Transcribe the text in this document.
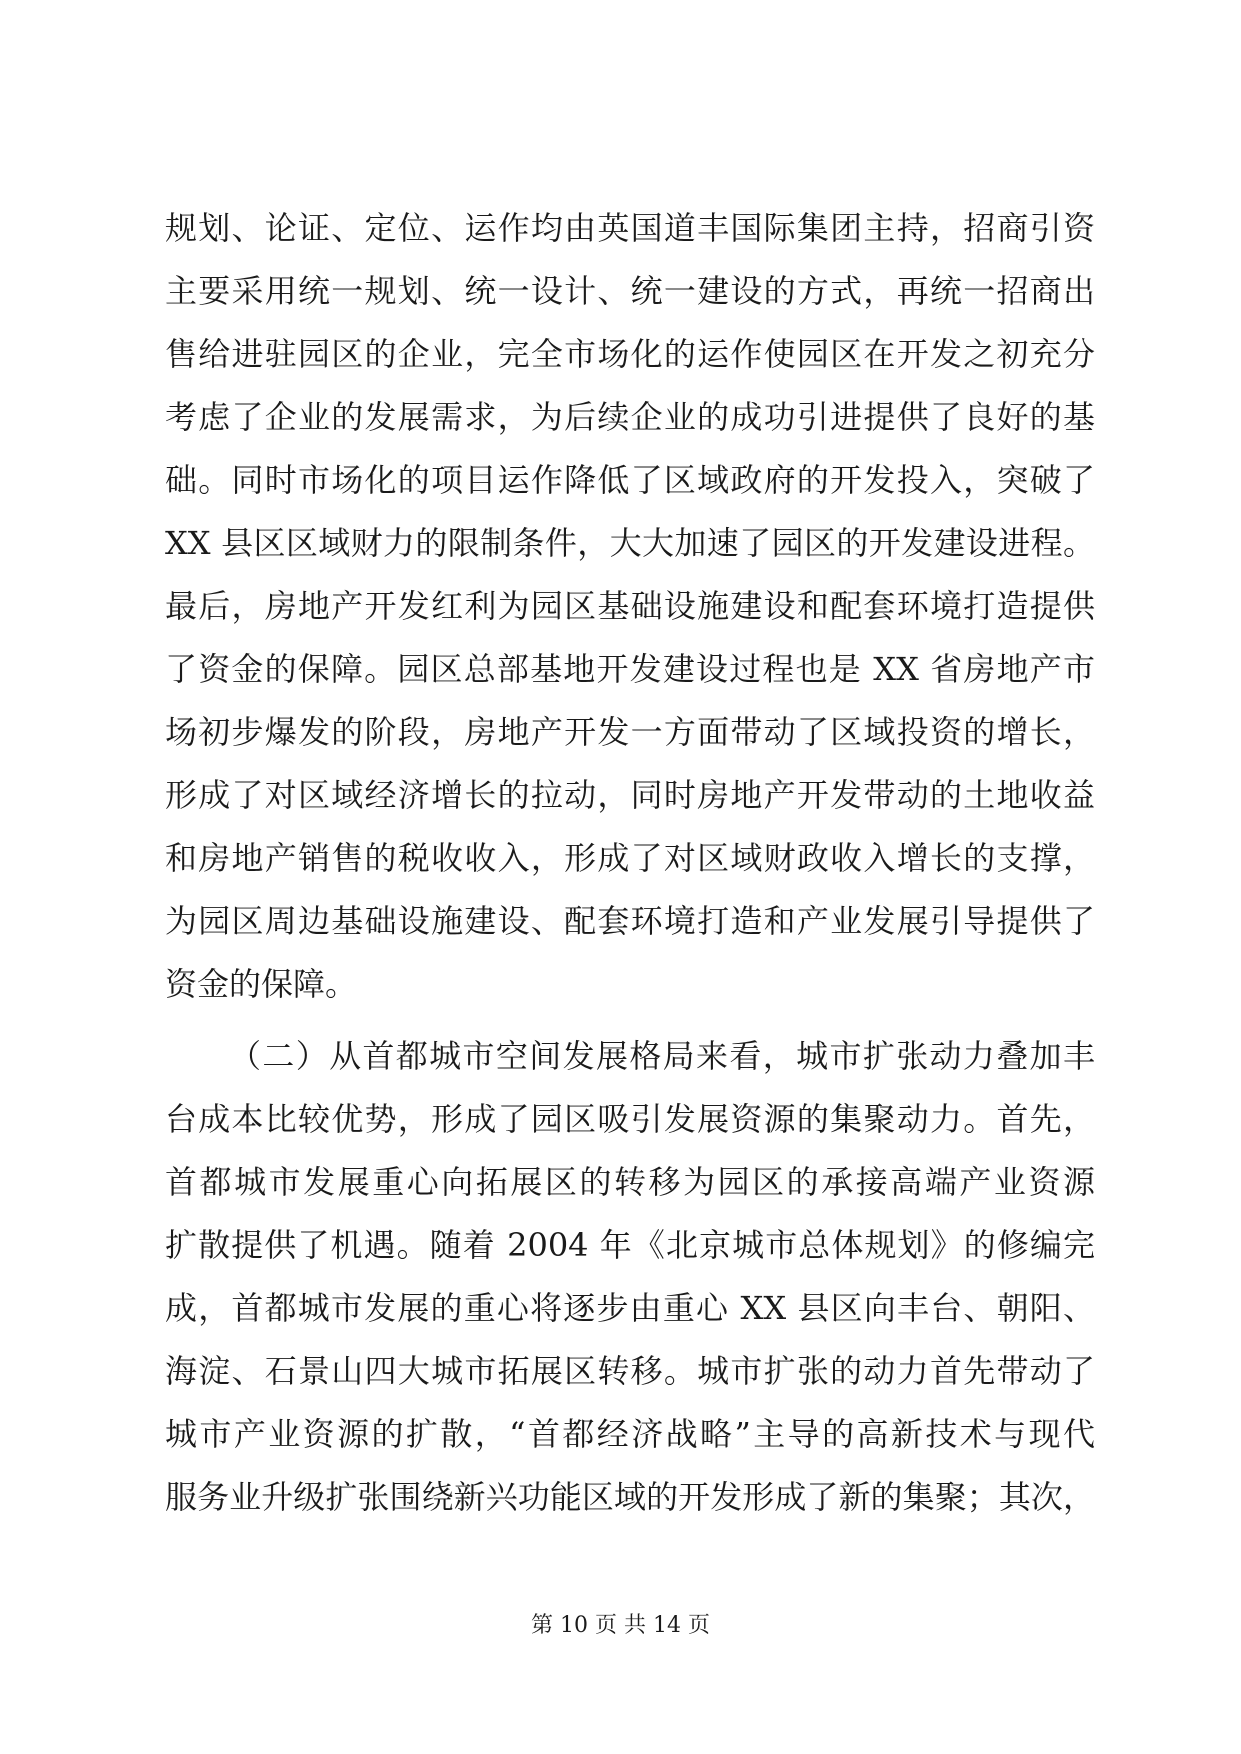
规划、论证、定位、运作均由英国道丰国际集团主持，招商引资
主要采用统一规划、统一设计、统一建设的方式，再统一招商出
售给进驻园区的企业，完全市场化的运作使园区在开发之初充分
考虑了企业的发展需求，为后续企业的成功引进提供了良好的基
础。同时市场化的项目运作降低了区域政府的开发投入，突破了
XX 县区区域财力的限制条件，大大加速了园区的开发建设进程。
最后，房地产开发红利为园区基础设施建设和配套环境打造提供
了资金的保障。园区总部基地开发建设过程也是 XX 省房地产市
场初步爆发的阶段，房地产开发一方面带动了区域投资的增长，
形成了对区域经济增长的拉动，同时房地产开发带动的土地收益
和房地产销售的税收收入，形成了对区域财政收入增长的支撑，
为园区周边基础设施建设、配套环境打造和产业发展引导提供了
资金的保障。
（二）从首都城市空间发展格局来看，城市扩张动力叠加丰
台成本比较优势，形成了园区吸引发展资源的集聚动力。首先，
首都城市发展重心向拓展区的转移为园区的承接高端产业资源
扩散提供了机遇。随着 2004 年《北京城市总体规划》的修编完
成，首都城市发展的重心将逐步由重心 XX 县区向丰台、朝阳、
海淀、石景山四大城市拓展区转移。城市扩张的动力首先带动了
城市产业资源的扩散，“首都经济战略”主导的高新技术与现代
服务业升级扩张围绕新兴功能区域的开发形成了新的集聚；其次，
第 10 页 共 14 页
